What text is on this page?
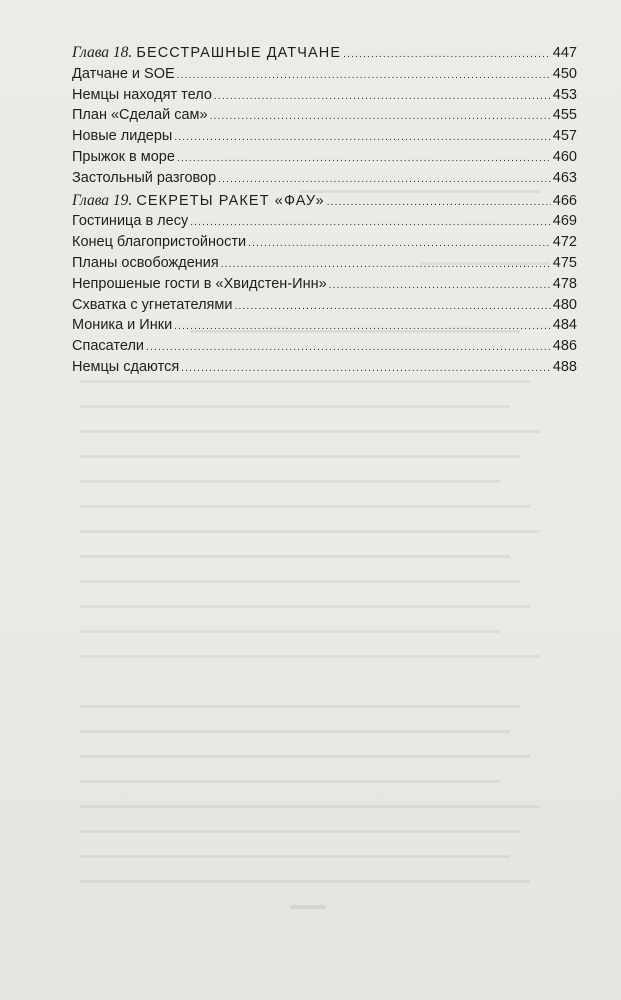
Глава 18. БЕССТРАШНЫЕ ДАТЧАНЕ .....	447
Датчане и SOE .....	450
Немцы находят тело .....	453
План «Сделай сам» .....	455
Новые лидеры .....	457
Прыжок в море .....	460
Застольный разговор .....	463
Глава 19. СЕКРЕТЫ РАКЕТ «ФАУ» .....	466
Гостиница в лесу .....	469
Конец благопристойности .....	472
Планы освобождения .....	475
Непрошеные гости в «Хвидстен-Инн» .....	478
Схватка с угнетателями .....	480
Моника и Инки .....	484
Спасатели .....	486
Немцы сдаются .....	488
